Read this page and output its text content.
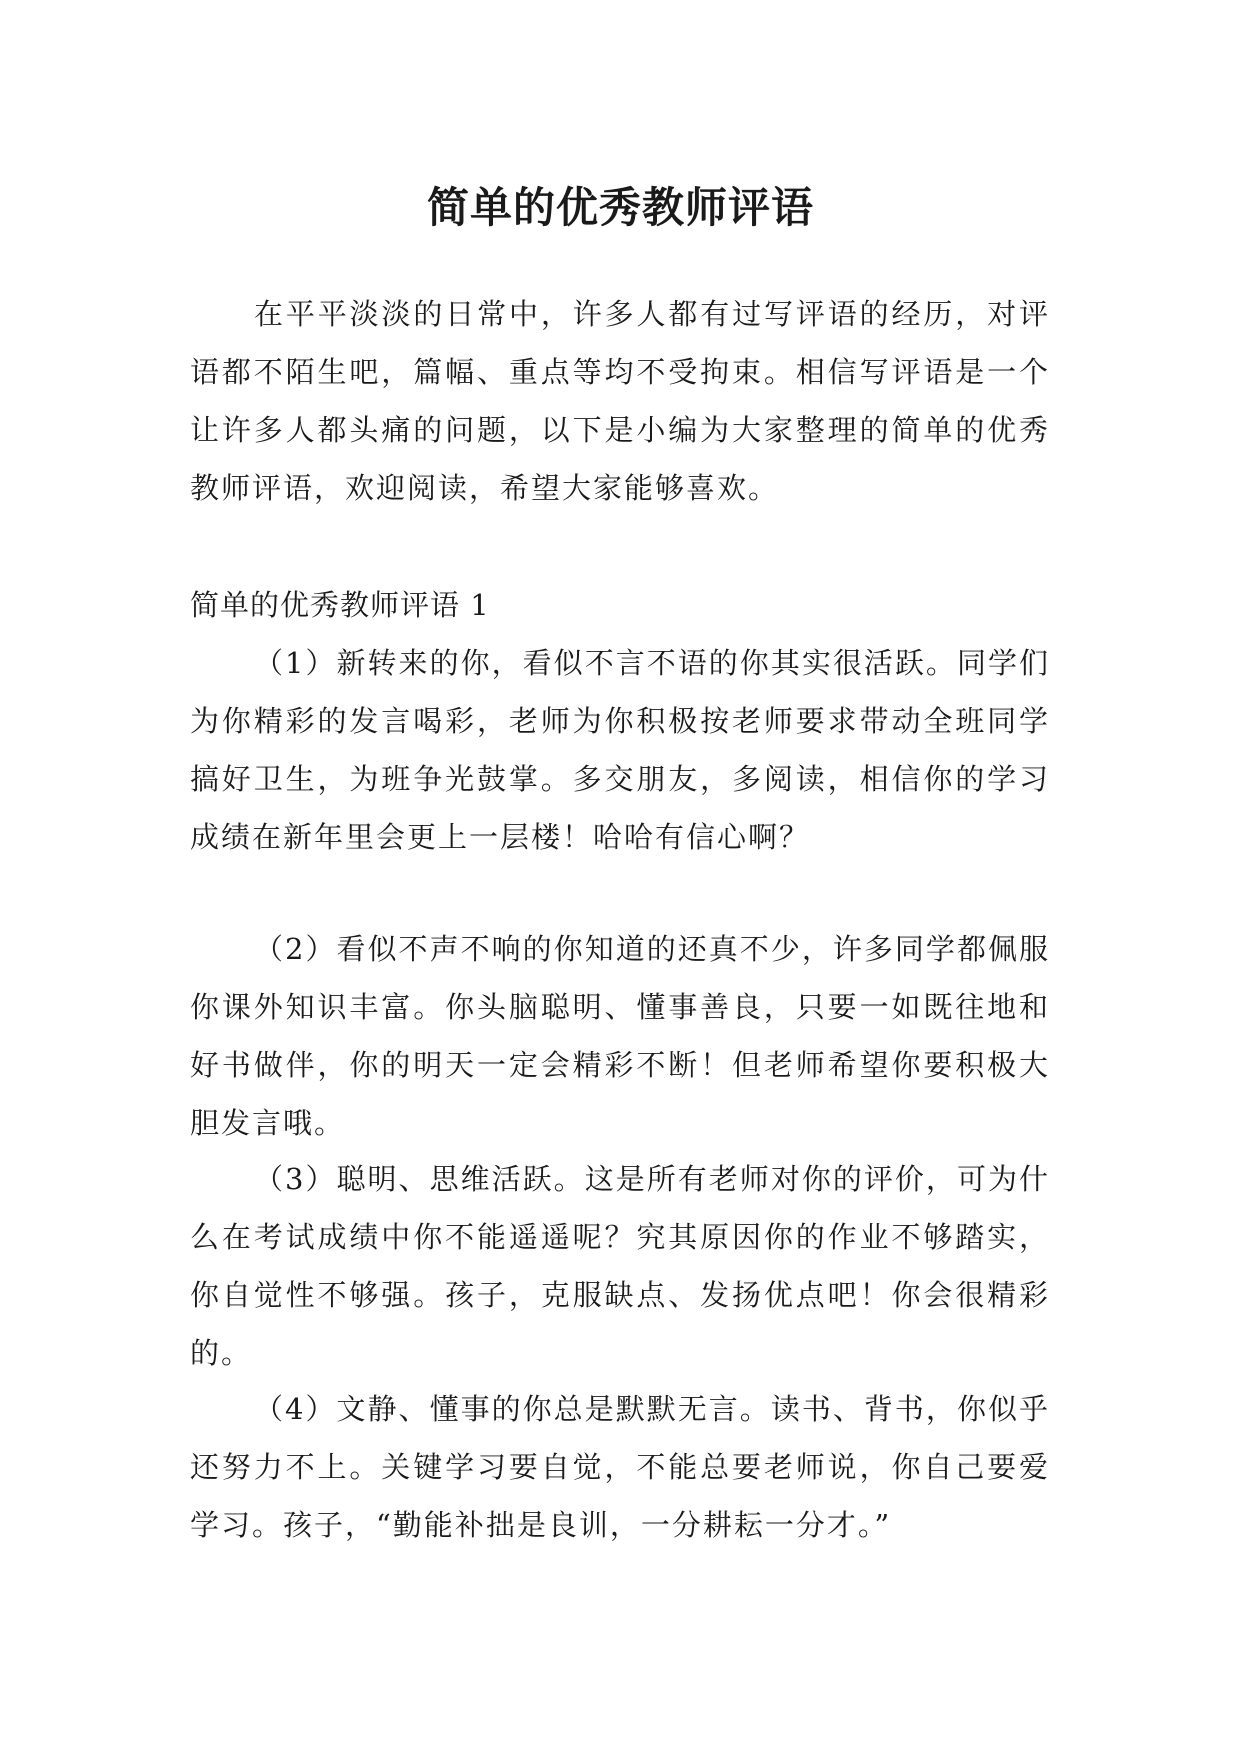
简单的优秀教师评语

在平平淡淡的日常中，许多人都有过写评语的经历，对评语都不陌生吧，篇幅、重点等均不受拘束。相信写评语是一个让许多人都头痛的问题，以下是小编为大家整理的简单的优秀教师评语，欢迎阅读，希望大家能够喜欢。

简单的优秀教师评语 1

（1）新转来的你，看似不言不语的你其实很活跃。同学们为你精彩的发言喝彩，老师为你积极按老师要求带动全班同学搞好卫生，为班争光鼓掌。多交朋友，多阅读，相信你的学习成绩在新年里会更上一层楼！哈哈有信心啊？

（2）看似不声不响的你知道的还真不少，许多同学都佩服你课外知识丰富。你头脑聪明、懂事善良，只要一如既往地和好书做伴，你的明天一定会精彩不断！但老师希望你要积极大胆发言哦。

（3）聪明、思维活跃。这是所有老师对你的评价，可为什么在考试成绩中你不能遥遥呢？究其原因你的作业不够踏实，你自觉性不够强。孩子，克服缺点、发扬优点吧！你会很精彩的。

（4）文静、懂事的你总是默默无言。读书、背书，你似乎还努力不上。关键学习要自觉，不能总要老师说，你自己要爱学习。孩子，“勤能补拙是良训，一分耕耘一分才。”
